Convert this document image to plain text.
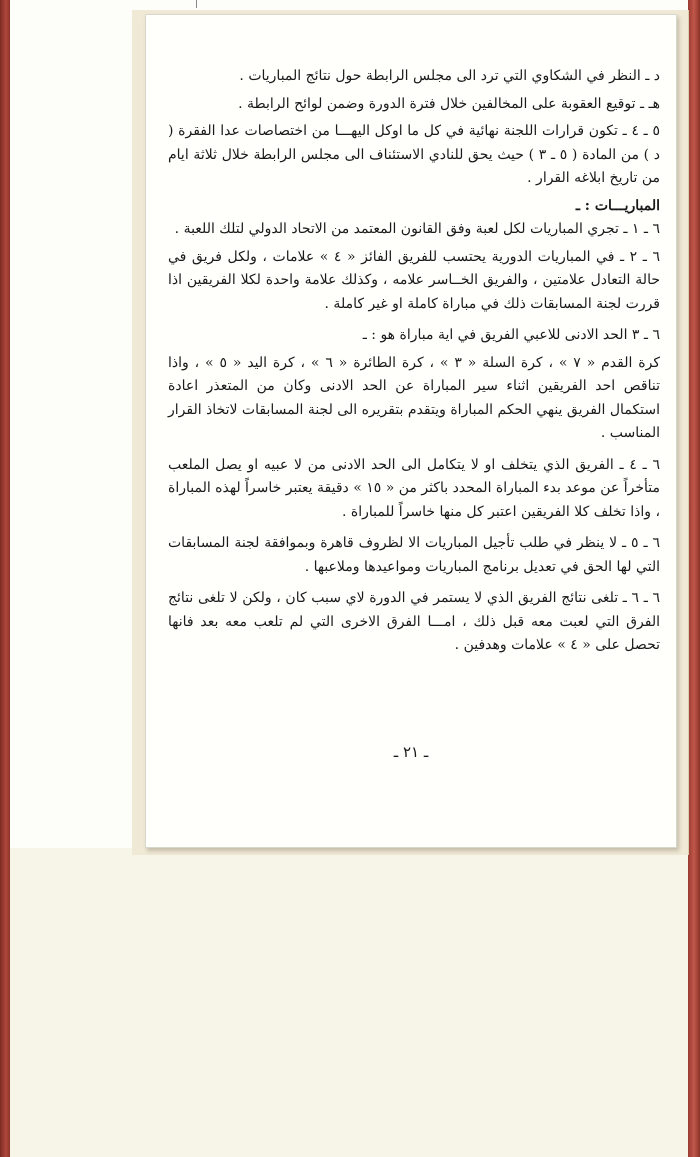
د ـ النظر في الشكاوي التي ترد الى مجلس الرابطة حول نتائج المباريات .

هـ ـ توقيع العقوبة على المخالفين خلال فترة الدورة وضمن لوائح الرابطة .

٥ ـ ٤ ـ تكون قرارات اللجنة نهائية في كل ما اوكل اليهـــا من اختصاصات عدا الفقرة ( د ) من المادة ( ٥ ـ ٣ ) حيث يحق للنادي الاستئناف الى مجلس الرابطة خلال ثلاثة ايام من تاريخ ابلاغه القرار .

المباريـــات : ـ

٦ ـ ١ ـ تجري المباريات لكل لعبة وفق القانون المعتمد من الاتحاد الدولي لتلك اللعبة .

٦ ـ ٢ ـ في المباريات الدورية يحتسب للفريق الفائز « ٤ » علامات ، ولكل فريق في حالة التعادل علامتين ، والفريق الخــاسر علامه ، وكذلك علامة واحدة لكلا الفريقين اذا قررت لجنة المسابقات ذلك في مباراة كاملة او غير كاملة .

٦ ـ ٣ الحد الادنى للاعبي الفريق في اية مباراة هو : ـ

كرة القدم « ٧ » ، كرة السلة « ٣ » ، كرة الطائرة « ٦ » ، كرة اليد « ٥ » ، واذا تناقص احد الفريقين اثناء سير المباراة عن الحد الادنى وكان من المتعذر اعادة استكمال الفريق ينهي الحكم المباراة ويتقدم بتقريره الى لجنة المسابقات لاتخاذ القرار المناسب .

٦ ـ ٤ ـ الفريق الذي يتخلف او لا يتكامل الى الحد الادنى من لا عبيه او يصل الملعب متأخراً عن موعد بدء المباراة المحدد باكثر من « ١٥ » دقيقة يعتبر خاسراً لهذه المباراة ، واذا تخلف كلا الفريقين اعتبر كل منها خاسراً للمباراة .

٦ ـ ٥ ـ لا ينظر في طلب تأجيل المباريات الا لظروف قاهرة وبموافقة لجنة المسابقات التي لها الحق في تعديل برنامج المباريات ومواعيدها وملاعبها .

٦ ـ ٦ ـ تلغى نتائج الفريق الذي لا يستمر في الدورة لاي سبب كان ، ولكن لا تلغى نتائج الفرق التي لعبت معه قبل ذلك ، امـــا الفرق الاخرى التي لم تلعب معه بعد فانها تحصل على « ٤ » علامات وهدفين .

ـ ٢١ ـ
